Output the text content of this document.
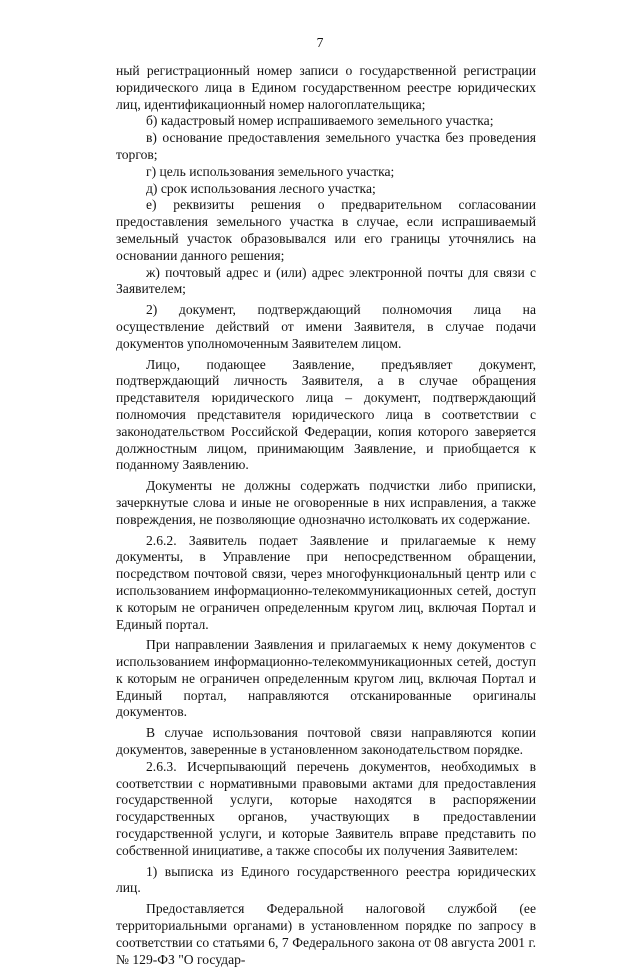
7

ный регистрационный номер записи о государственной регистрации юридического лица в Едином государственном реестре юридических лиц, идентификационный номер налогоплательщика;

б) кадастровый номер испрашиваемого земельного участка;

в) основание предоставления земельного участка без проведения торгов;

г) цель использования земельного участка;

д) срок использования лесного участка;

е) реквизиты решения о предварительном согласовании предоставления земельного участка в случае, если испрашиваемый земельный участок образовывался или его границы уточнялись на основании данного решения;

ж) почтовый адрес и (или) адрес электронной почты для связи с Заявителем;

2) документ, подтверждающий полномочия лица на осуществление действий от имени Заявителя, в случае подачи документов уполномоченным Заявителем лицом.

Лицо, подающее Заявление, предъявляет документ, подтверждающий личность Заявителя, а в случае обращения представителя юридического лица – документ, подтверждающий полномочия представителя юридического лица в соответствии с законодательством Российской Федерации, копия которого заверяется должностным лицом, принимающим Заявление, и приобщается к поданному Заявлению.

Документы не должны содержать подчистки либо приписки, зачеркнутые слова и иные не оговоренные в них исправления, а также повреждения, не позволяющие однозначно истолковать их содержание.

2.6.2. Заявитель подает Заявление и прилагаемые к нему документы, в Управление при непосредственном обращении, посредством почтовой связи, через многофункциональный центр или с использованием информационно-телекоммуникационных сетей, доступ к которым не ограничен определенным кругом лиц, включая Портал и Единый портал.

При направлении Заявления и прилагаемых к нему документов с использованием информационно-телекоммуникационных сетей, доступ к которым не ограничен определенным кругом лиц, включая Портал и Единый портал, направляются отсканированные оригиналы документов.

В случае использования почтовой связи направляются копии документов, заверенные в установленном законодательством порядке.

2.6.3. Исчерпывающий перечень документов, необходимых в соответствии с нормативными правовыми актами для предоставления государственной услуги, которые находятся в распоряжении государственных органов, участвующих в предоставлении государственной услуги, и которые Заявитель вправе представить по собственной инициативе, а также способы их получения Заявителем:

1) выписка из Единого государственного реестра юридических лиц.

Предоставляется Федеральной налоговой службой (ее территориальными органами) в установленном порядке по запросу в соответствии со статьями 6, 7 Федерального закона от 08 августа 2001 г. № 129-ФЗ "О государ-
